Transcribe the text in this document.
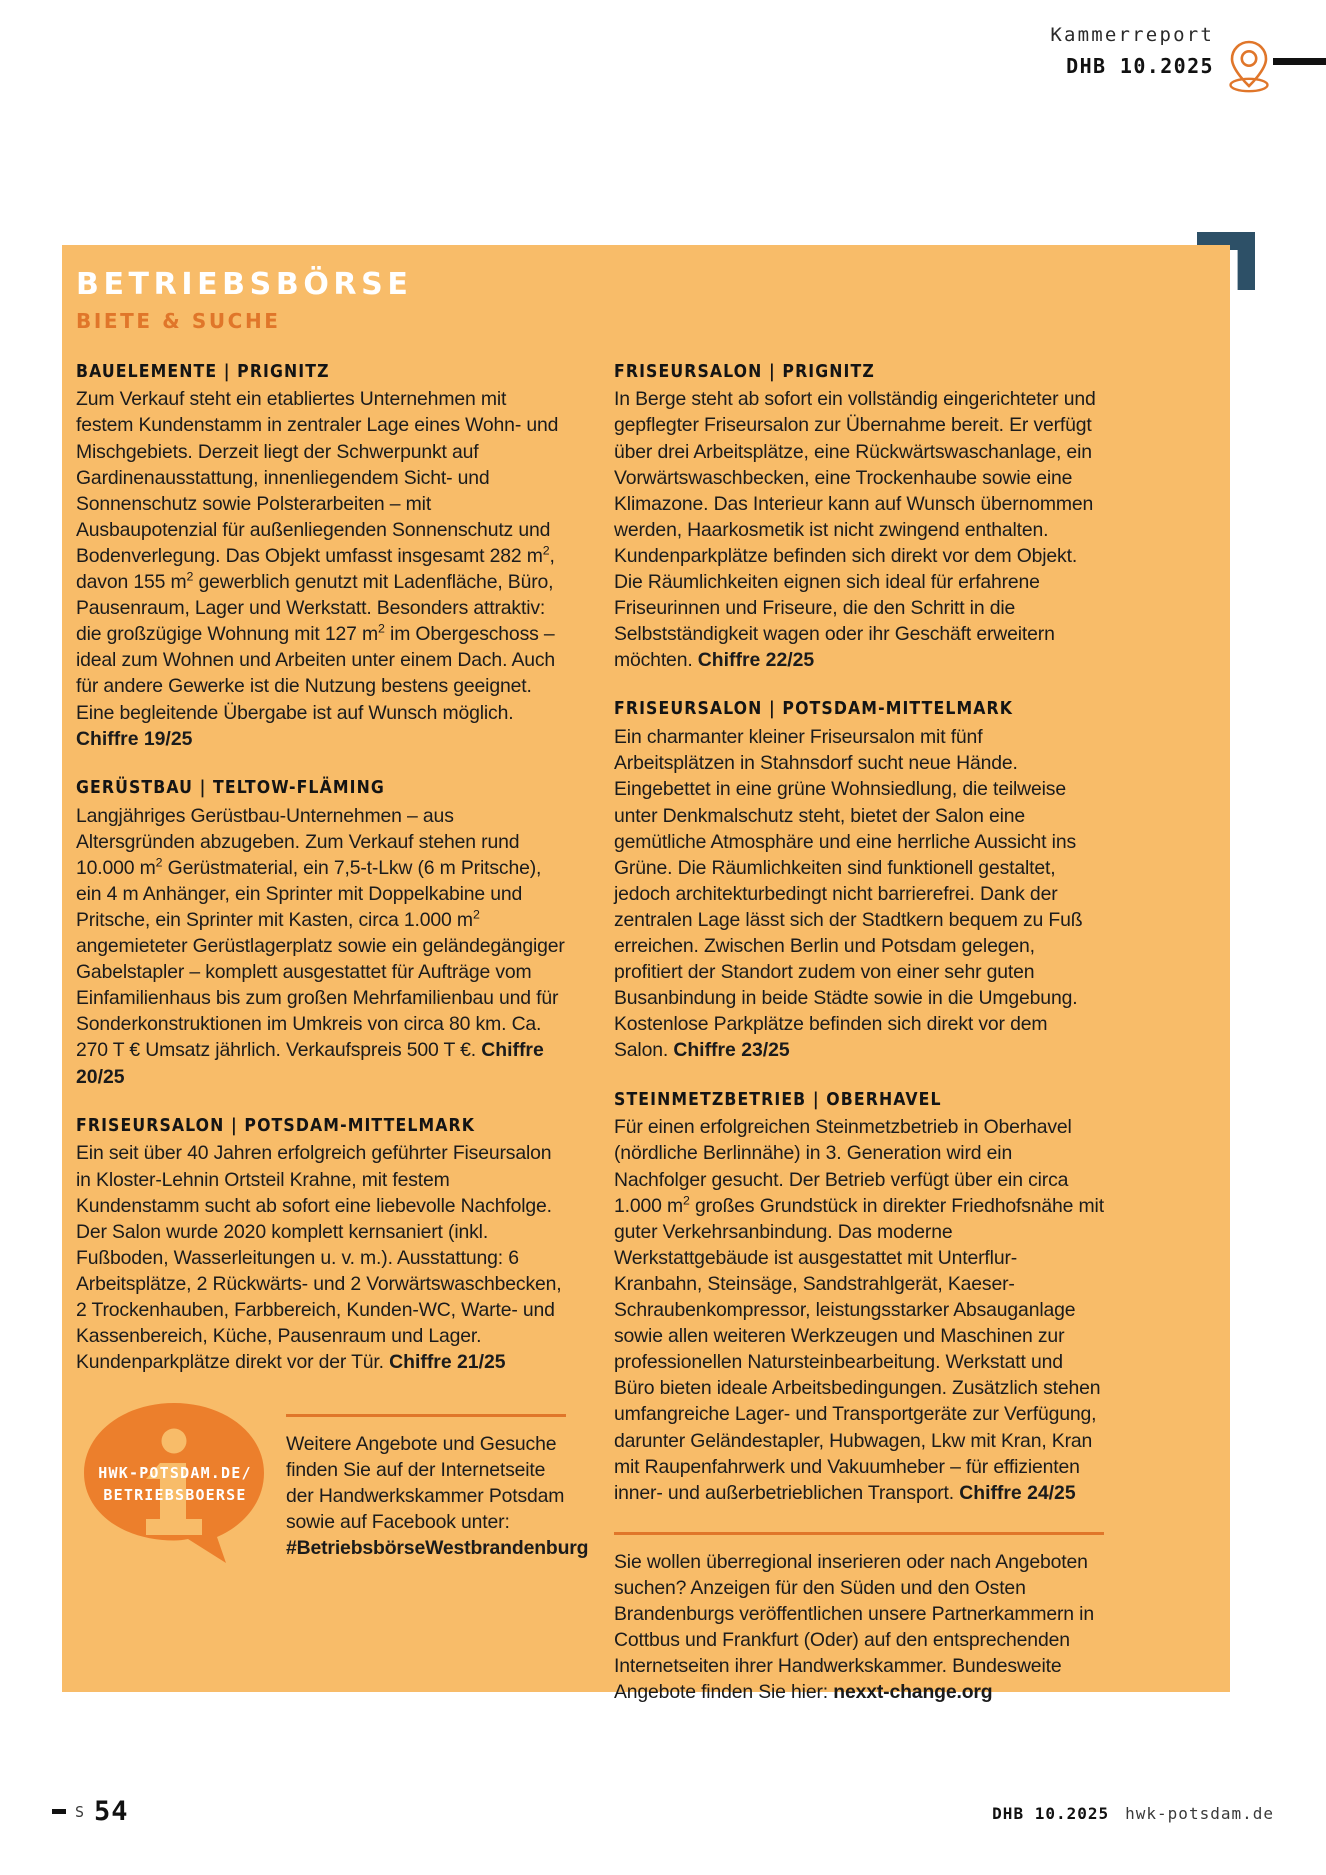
Kammerreport
DHB 10.2025
BETRIEBSBÖRSE
BIETE & SUCHE

BAUELEMENTE | PRIGNITZ

Zum Verkauf steht ein etabliertes Unternehmen mit festem Kundenstamm in zentraler Lage eines Wohn- und Mischgebiets. Derzeit liegt der Schwerpunkt auf Gardinenausstattung, innenliegendem Sicht- und Sonnenschutz sowie Polsterarbeiten – mit Ausbaupotenzial für außenliegenden Sonnenschutz und Bodenverlegung. Das Objekt umfasst insgesamt 282 $m^2$, davon 155 $m^2$ gewerblich genutzt mit Ladenfläche, Büro, Pausenraum, Lager und Werkstatt. Besonders attraktiv: die großzügige Wohnung mit 127 $m^2$ im Obergeschoss – ideal zum Wohnen und Arbeiten unter einem Dach. Auch für andere Gewerke ist die Nutzung bestens geeignet. Eine begleitende Übergabe ist auf Wunsch möglich. Chiffre 19/25

GERÜSTBAU | TELTOW-FLÄMING

Langjähriges Gerüstbau-Unternehmen – aus Altersgründen abzugeben. Zum Verkauf stehen rund 10.000 $m^2$ Gerüstmaterial, ein 7,5-t-Lkw (6 m Pritsche), ein 4 m Anhänger, ein Sprinter mit Doppelkabine und Pritsche, ein Sprinter mit Kasten, circa 1.000 $m^2$ angemieteter Gerüstlagerplatz sowie ein geländegängiger Gabelstapler – komplett ausgestattet für Aufträge vom Einfamilienhaus bis zum großen Mehrfamilienbau und für Sonderkonstruktionen im Umkreis von circa 80 km. Ca. 270 T € Umsatz jährlich. Verkaufspreis 500 T €. Chiffre 20/25

FRISEURSALON | POTSDAM-MITTELMARK

Ein seit über 40 Jahren erfolgreich geführter Fiseursalon in Kloster-Lehnin Ortsteil Krahne, mit festem Kundenstamm sucht ab sofort eine liebevolle Nachfolge. Der Salon wurde 2020 komplett kernsaniert (inkl. Fußboden, Wasserleitungen u. v. m.). Ausstattung: 6 Arbeitsplätze, 2 Rückwärts- und 2 Vorwärtswaschbecken, 2 Trockenhauben, Farbbereich, Kunden-WC, Warte- und Kassenbereich, Küche, Pausenraum und Lager. Kundenparkplätze direkt vor der Tür. Chiffre 21/25

HWK-POTSDAM.DE/
BETRIEBSBOERSE

Weitere Angebote und Gesuche finden Sie auf der Internetseite der Handwerkskammer Potsdam sowie auf Facebook unter: #BetriebsbörseWestbrandenburg

FRISEURSALON | PRIGNITZ

In Berge steht ab sofort ein vollständig eingerichteter und gepflegter Friseursalon zur Übernahme bereit. Er verfügt über drei Arbeitsplätze, eine Rückwärtswaschanlage, ein Vorwärtswaschbecken, eine Trockenhaube sowie eine Klimazone. Das Interieur kann auf Wunsch übernommen werden, Haarkosmetik ist nicht zwingend enthalten. Kundenparkplätze befinden sich direkt vor dem Objekt. Die Räumlichkeiten eignen sich ideal für erfahrene Friseurinnen und Friseure, die den Schritt in die Selbstständigkeit wagen oder ihr Geschäft erweitern möchten. Chiffre 22/25

FRISEURSALON | POTSDAM-MITTELMARK

Ein charmanter kleiner Friseursalon mit fünf Arbeitsplätzen in Stahnsdorf sucht neue Hände. Eingebettet in eine grüne Wohnsiedlung, die teilweise unter Denkmalschutz steht, bietet der Salon eine gemütliche Atmosphäre und eine herrliche Aussicht ins Grüne. Die Räumlichkeiten sind funktionell gestaltet, jedoch architekturbedingt nicht barrierefrei. Dank der zentralen Lage lässt sich der Stadtkern bequem zu Fuß erreichen. Zwischen Berlin und Potsdam gelegen, profitiert der Standort zudem von einer sehr guten Busanbindung in beide Städte sowie in die Umgebung. Kostenlose Parkplätze befinden sich direkt vor dem Salon. Chiffre 23/25

STEINMETZBETRIEB | OBERHAVEL

Für einen erfolgreichen Steinmetzbetrieb in Oberhavel (nördliche Berlinnähe) in 3. Generation wird ein Nachfolger gesucht. Der Betrieb verfügt über ein circa 1.000 $m^2$ großes Grundstück in direkter Friedhofsnähe mit guter Verkehrsanbindung. Das moderne Werkstattgebäude ist ausgestattet mit Unterflur-Kranbahn, Steinsäge, Sandstrahlgerät, Kaeser-Schraubenkompressor, leistungsstarker Absauganlage sowie allen weiteren Werkzeugen und Maschinen zur professionellen Natursteinbearbeitung. Werkstatt und Büro bieten ideale Arbeitsbedingungen. Zusätzlich stehen umfangreiche Lager- und Transportgeräte zur Verfügung, darunter Geländestapler, Hubwagen, Lkw mit Kran, Kran mit Raupenfahrwerk und Vakuumheber – für effizienten inner- und außerbetrieblichen Transport. Chiffre 24/25

Sie wollen überregional inserieren oder nach Angeboten suchen? Anzeigen für den Süden und den Osten Brandenburgs veröffentlichen unsere Partnerkammern in Cottbus und Frankfurt (Oder) auf den entsprechenden Internetseiten ihrer Handwerkskammer. Bundesweite Angebote finden Sie hier: nexxt-change.org

S 54	DHB 10.2025 hwk-potsdam.de
